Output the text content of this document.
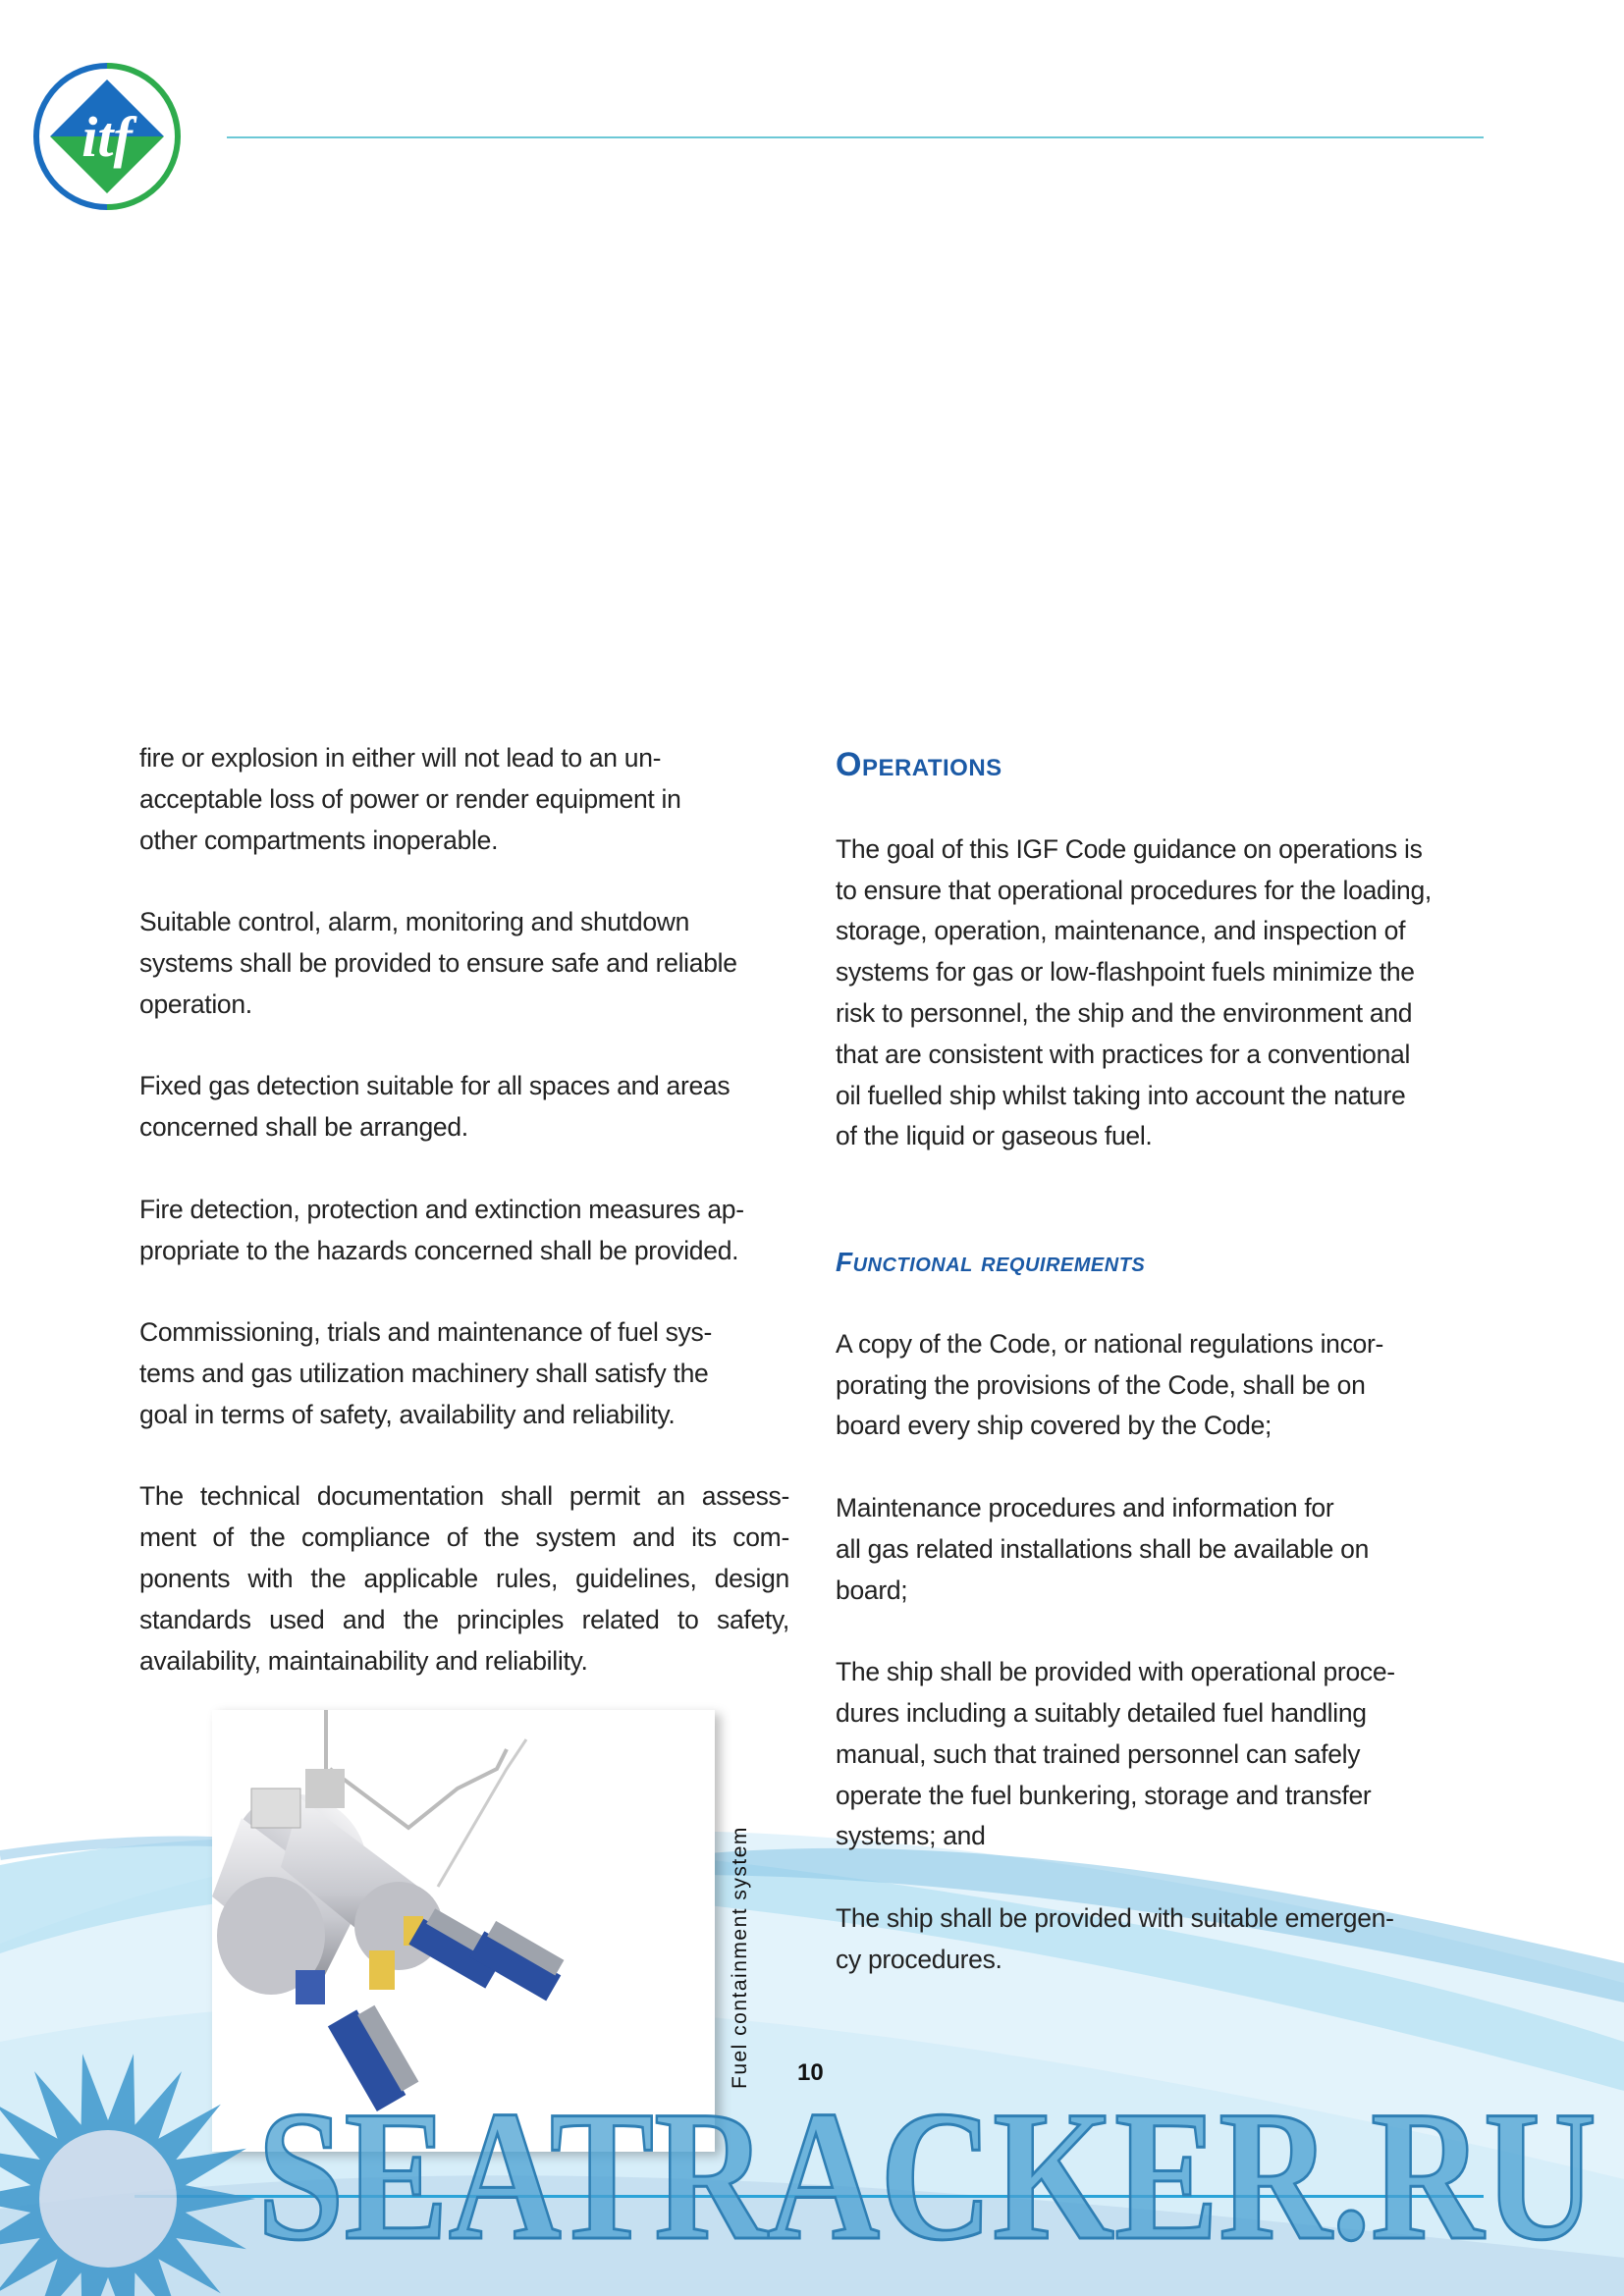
itf
fire or explosion in either will not lead to an un-
acceptable loss of power or render equipment in
other compartments inoperable.
Suitable control, alarm, monitoring and shutdown
systems shall be provided to ensure safe and reliable
operation.
Fixed gas detection suitable for all spaces and areas
concerned shall be arranged.
Fire detection, protection and extinction measures ap-
propriate to the hazards concerned shall be provided.
Commissioning, trials and maintenance of fuel sys-
tems and gas utilization machinery shall satisfy the
goal in terms of safety, availability and reliability.
The technical documentation shall permit an assess-
ment of the compliance of the system and its com-
ponents with the applicable rules, guidelines, design
standards used and the principles related to safety,
availability, maintainability and reliability.
Operations
The goal of this IGF Code guidance on operations is
to ensure that operational procedures for the loading,
storage, operation, maintenance, and inspection of
systems for gas or low-flashpoint fuels minimize the
risk to personnel, the ship and the environment and
that are consistent with practices for a conventional
oil fuelled ship whilst taking into account the nature
of the liquid or gaseous fuel.
Functional requirements
A copy of the Code, or national regulations incor-
porating the provisions of the Code, shall be on
board every ship covered by the Code;
Maintenance procedures and information for
all gas related installations shall be available on
board;
The ship shall be provided with operational proce-
dures including a suitably detailed fuel handling
manual, such that trained personnel can safely
operate the fuel bunkering, storage and transfer
systems; and
The ship shall be provided with suitable emergen-
cy procedures.
Fuel containment system 10
SEATRACKER.RU
